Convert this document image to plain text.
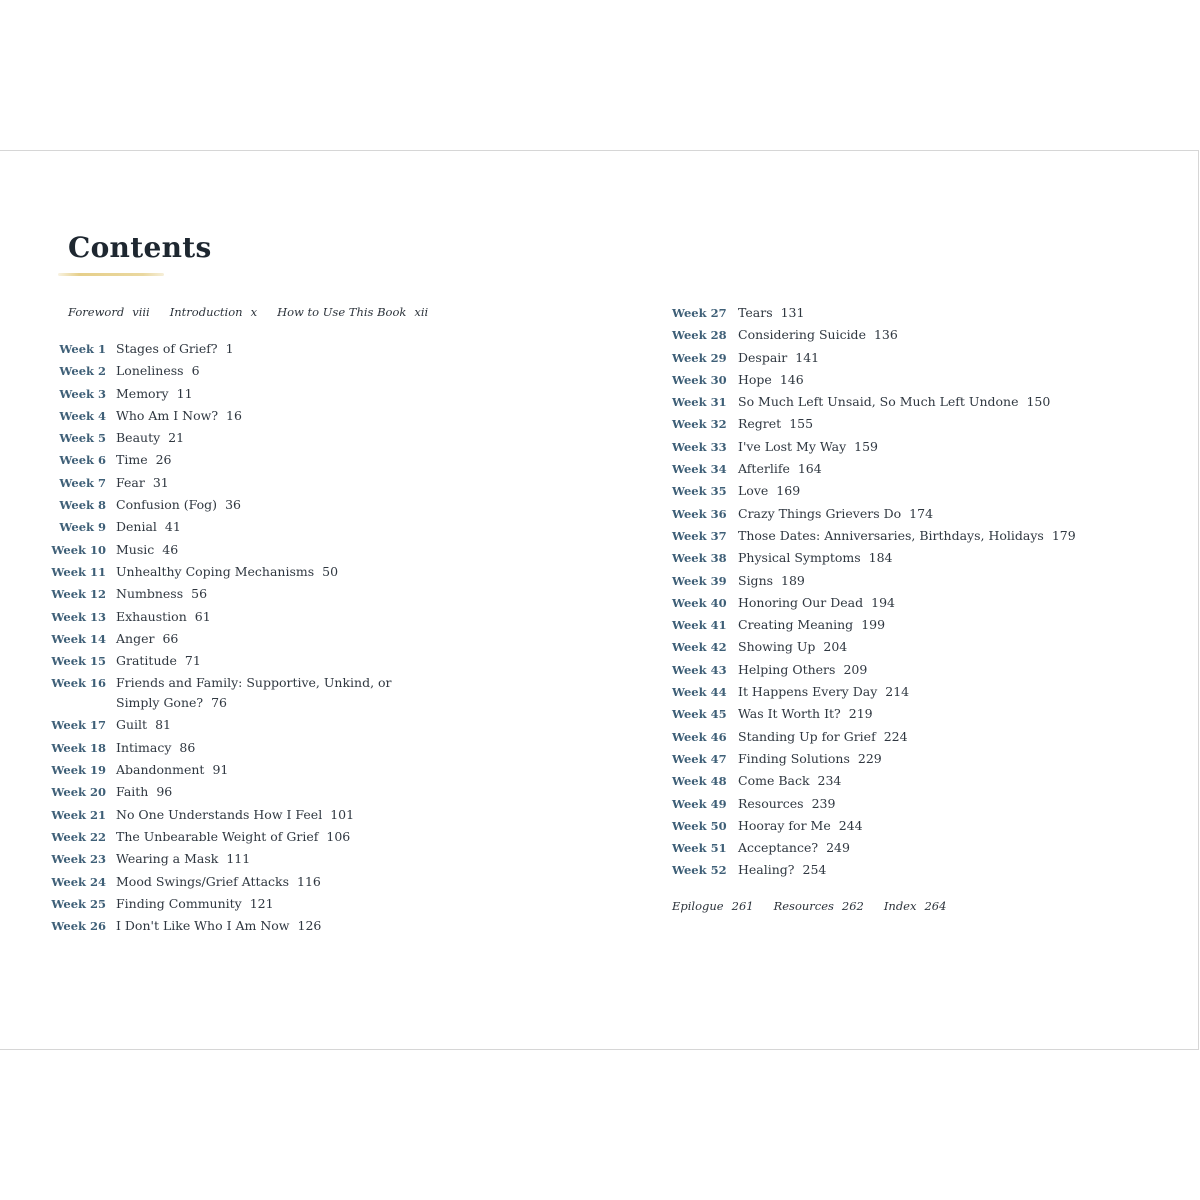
Contents
Foreword viii Introduction x How to Use This Book xii
Week 1 Stages of Grief? 1
Week 2 Loneliness 6
Week 3 Memory 11
Week 4 Who Am I Now? 16
Week 5 Beauty 21
Week 6 Time 26
Week 7 Fear 31
Week 8 Confusion (Fog) 36
Week 9 Denial 41
Week 10 Music 46
Week 11 Unhealthy Coping Mechanisms 50
Week 12 Numbness 56
Week 13 Exhaustion 61
Week 14 Anger 66
Week 15 Gratitude 71
Week 16 Friends and Family: Supportive, Unkind, or Simply Gone? 76
Week 17 Guilt 81
Week 18 Intimacy 86
Week 19 Abandonment 91
Week 20 Faith 96
Week 21 No One Understands How I Feel 101
Week 22 The Unbearable Weight of Grief 106
Week 23 Wearing a Mask 111
Week 24 Mood Swings/Grief Attacks 116
Week 25 Finding Community 121
Week 26 I Don't Like Who I Am Now 126
Week 27 Tears 131
Week 28 Considering Suicide 136
Week 29 Despair 141
Week 30 Hope 146
Week 31 So Much Left Unsaid, So Much Left Undone 150
Week 32 Regret 155
Week 33 I've Lost My Way 159
Week 34 Afterlife 164
Week 35 Love 169
Week 36 Crazy Things Grievers Do 174
Week 37 Those Dates: Anniversaries, Birthdays, Holidays 179
Week 38 Physical Symptoms 184
Week 39 Signs 189
Week 40 Honoring Our Dead 194
Week 41 Creating Meaning 199
Week 42 Showing Up 204
Week 43 Helping Others 209
Week 44 It Happens Every Day 214
Week 45 Was It Worth It? 219
Week 46 Standing Up for Grief 224
Week 47 Finding Solutions 229
Week 48 Come Back 234
Week 49 Resources 239
Week 50 Hooray for Me 244
Week 51 Acceptance? 249
Week 52 Healing? 254
Epilogue 261 Resources 262 Index 264
